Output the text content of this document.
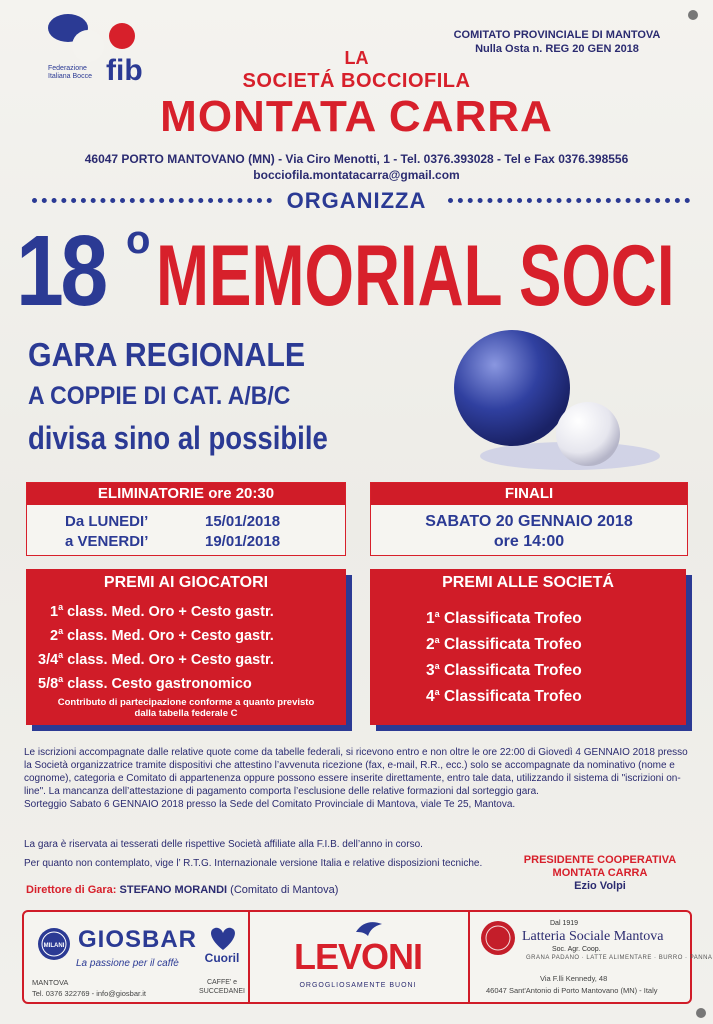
fib
Federazione
Italiana Bocce
COMITATO PROVINCIALE DI MANTOVA
Nulla Osta n. REG 20 GEN 2018
LA
SOCIETÁ BOCCIOFILA
MONTATA CARRA
46047 PORTO MANTOVANO (MN) - Via Ciro Menotti, 1 - Tel. 0376.393028 - Tel e Fax 0376.398556
bocciofila.montatacarra@gmail.com
ORGANIZZA
18 o MEMORIAL SOCI
GARA REGIONALE
A COPPIE DI CAT. A/B/C
divisa sino al possibile
ELIMINATORIE ore 20:30
Da LUNEDI’	15/01/2018
a VENERDI’	19/01/2018
FINALI
SABATO 20 GENNAIO 2018
ore 14:00
PREMI AI GIOCATORI
1$^a$ class. Med. Oro + Cesto gastr.
2$^a$ class. Med. Oro + Cesto gastr.
3/4$^a$ class. Med. Oro + Cesto gastr.
5/8$^a$ class. Cesto gastronomico
Contributo di partecipazione conforme a quanto previsto
dalla tabella federale C
PREMI ALLE SOCIETÁ
1$^a$ Classificata Trofeo
2$^a$ Classificata Trofeo
3$^a$ Classificata Trofeo
4$^a$ Classificata Trofeo

Le iscrizioni accompagnate dalle relative quote come da tabelle federali, si ricevono entro e non oltre le ore 22:00 di Giovedì 4 GENNAIO 2018 presso la Società organizzatrice tramite dispositivi che attestino l’avvenuta ricezione (fax, e-mail, R.R., ecc.) solo se accompagnate da nominativo (nome e cognome), categoria e Comitato di appartenenza oppure possono essere inserite direttamente, entro tale data, utilizzando il sistema di "iscrizioni on-line". La mancanza dell’attestazione di pagamento comporta l’esclusione delle relative formazioni dal sorteggio gara.

Sorteggio Sabato 6 GENNAIO 2018 presso la Sede del Comitato Provinciale di Mantova, viale Te 25, Mantova.

La gara è riservata ai tesserati delle rispettive Società affiliate alla F.I.B. dell’anno in corso.
Per quanto non contemplato, vige l’ R.T.G. Internazionale versione Italia e relative disposizioni tecniche.	PRESIDENTE COOPERATIVA
MONTATA CARRA
Ezio Volpi
Direttore di Gara: STEFANO MORANDI (Comitato di Mantova)
MILANI GIOSBAR
La passione per il caffè
MANTOVA
Tel. 0376 322769 - info@giosbar.it
Cuoril
CAFFE' e
SUCCEDANEI
LEVONI
ORGOGLIOSAMENTE BUONI
Dal 1919
Latteria Sociale Mantova
Soc. Agr. Coop.
GRANA PADANO · LATTE ALIMENTARE · BURRO · PANNA
Via F.lli Kennedy, 48
46047 Sant'Antonio di Porto Mantovano (MN) - Italy
